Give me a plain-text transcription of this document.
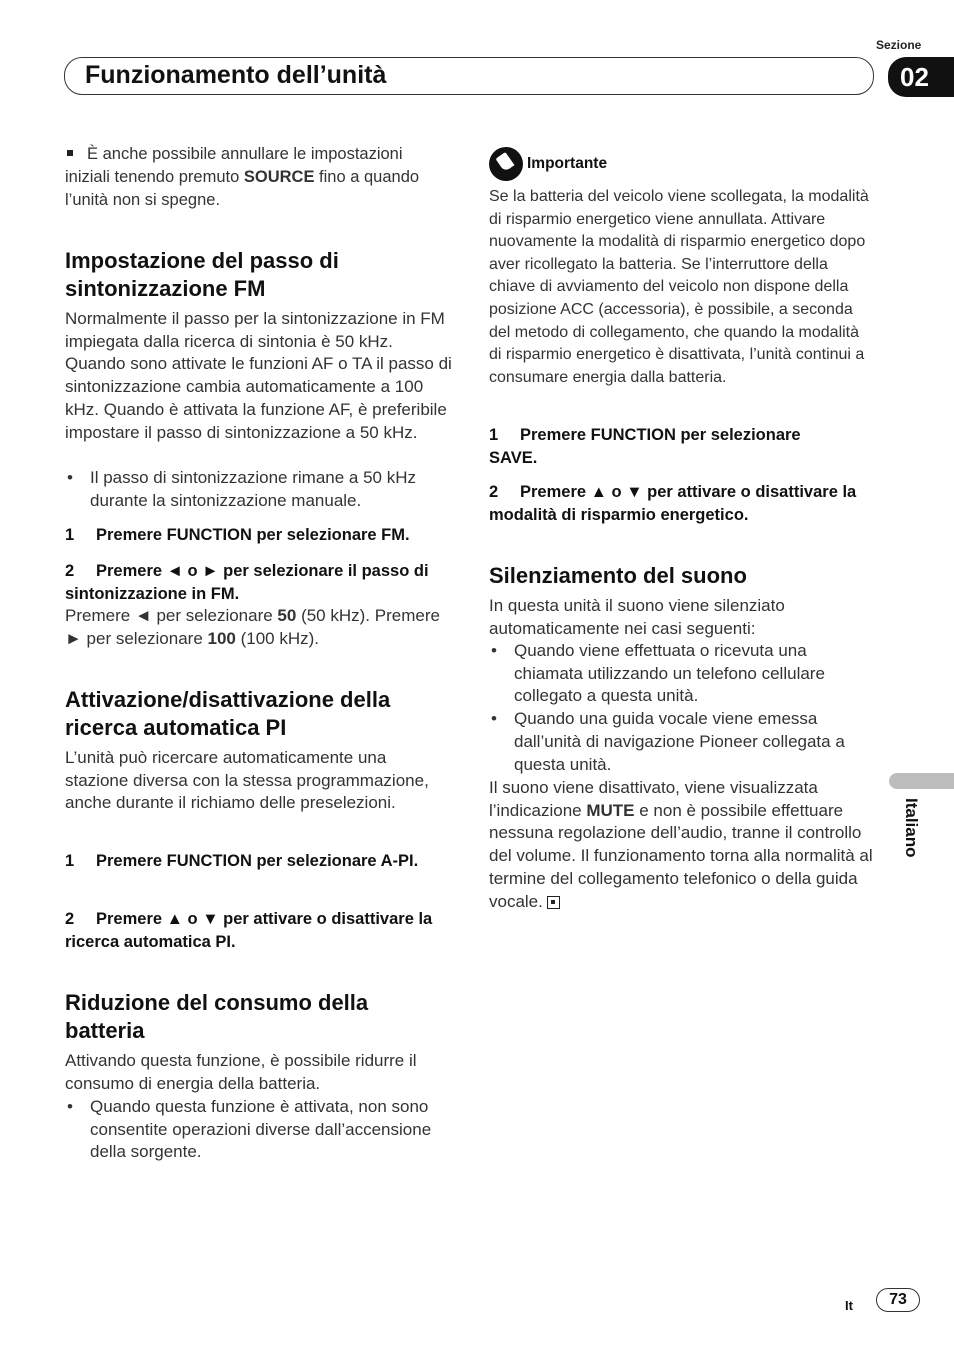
Sezione
Funzionamento dell’unità	02

È anche possibile annullare le impostazioni iniziali tenendo premuto SOURCE fino a quando l’unità non si spegne.

Impostazione del passo di sintonizzazione FM

Normalmente il passo per la sintonizzazione in FM impiegata dalla ricerca di sintonia è 50 kHz. Quando sono attivate le funzioni AF o TA il passo di sintonizzazione cambia automaticamente a 100 kHz. Quando è attivata la funzione AF, è preferibile impostare il passo di sintonizzazione a 50 kHz.

• Il passo di sintonizzazione rimane a 50 kHz durante la sintonizzazione manuale.
1 Premere FUNCTION per selezionare FM.
2 Premere ◄ o ► per selezionare il passo di sintonizzazione in FM.

Premere ◄ per selezionare 50 (50 kHz). Premere ► per selezionare 100 (100 kHz).

Attivazione/disattivazione della ricerca automatica PI

L’unità può ricercare automaticamente una stazione diversa con la stessa programmazione, anche durante il richiamo delle preselezioni.

1 Premere FUNCTION per selezionare A-PI.
2 Premere ▲ o ▼ per attivare o disattivare la ricerca automatica PI.
Riduzione del consumo della batteria

Attivando questa funzione, è possibile ridurre il consumo di energia della batteria.

• Quando questa funzione è attivata, non sono consentite operazioni diverse dall’accensione della sorgente.
Importante

Se la batteria del veicolo viene scollegata, la modalità di risparmio energetico viene annullata. Attivare nuovamente la modalità di risparmio energetico dopo aver ricollegato la batteria. Se l’interruttore della chiave di avviamento del veicolo non dispone della posizione ACC (accessoria), è possibile, a seconda del metodo di collegamento, che quando la modalità di risparmio energetico è disattivata, l’unità continui a consumare energia dalla batteria.

1 Premere FUNCTION per selezionare SAVE.
2 Premere ▲ o ▼ per attivare o disattivare la modalità di risparmio energetico.
Silenziamento del suono

In questa unità il suono viene silenziato automaticamente nei casi seguenti:

• Quando viene effettuata o ricevuta una chiamata utilizzando un telefono cellulare collegato a questa unità.
• Quando una guida vocale viene emessa dall’unità di navigazione Pioneer collegata a questa unità.

Il suono viene disattivato, viene visualizzata l’indicazione MUTE e non è possibile effettuare nessuna regolazione dell’audio, tranne il controllo del volume. Il funzionamento torna alla normalità al termine del collegamento telefonico o della guida vocale.

Italiano
It	73
